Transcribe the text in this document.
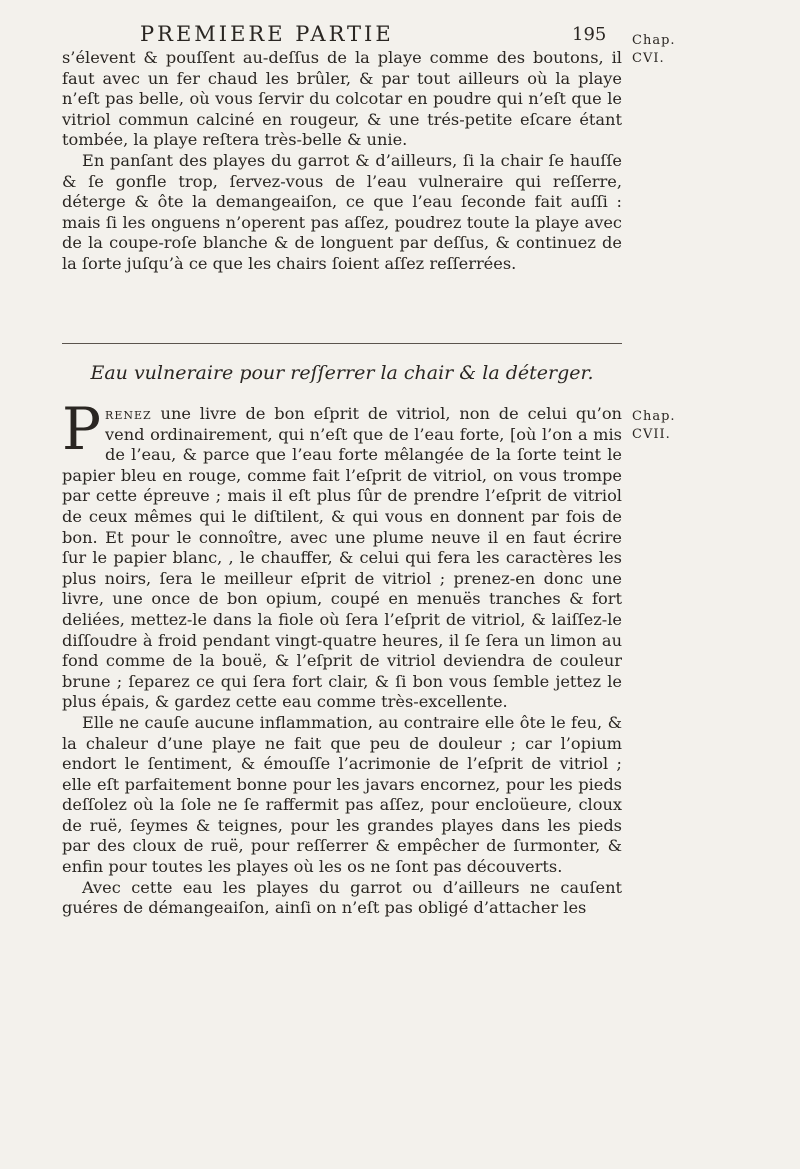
PREMIERE PARTIE	195 Chap.
CVI.
Chap.
CVII.

s’élevent & pouſſent au-deſſus de la playe comme des boutons, il faut avec un fer chaud les brûler, & par tout ailleurs où la playe n’eſt pas belle, où vous ſervir du colcotar en poudre qui n’eſt que le vitriol commun calciné en rougeur, & une trés-petite eſcare étant tombée, la playe reſtera très-belle & unie.

En panſant des playes du garrot & d’ailleurs, ſi la chair ſe hauſſe & ſe gonfle trop, ſervez-vous de l’eau vulneraire qui reſſerre, déterge & ôte la demangeaiſon, ce que l’eau ſeconde fait auſſi : mais ſi les onguens n’operent pas aſſez, poudrez toute la playe avec de la coupe-roſe blanche & de longuent par deſſus, & continuez de la ſorte juſqu’à ce que les chairs ſoient aſſez reſſerrées.

Eau vulneraire pour reſſerrer la chair & la déterger.

Prenez une livre de bon eſprit de vitriol, non de celui qu’on vend ordinairement, qui n’eſt que de l’eau forte, [où l’on a mis de l’eau, & parce que l’eau forte mêlangée de la ſorte teint le papier bleu en rouge, comme fait l’eſprit de vitriol, on vous trompe par cette épreuve ; mais il eſt plus ſûr de prendre l’eſprit de vitriol de ceux mêmes qui le diſtilent, & qui vous en donnent par fois de bon. Et pour le connoître, avec une plume neuve il en faut écrire ſur le papier blanc, , le chauffer, & celui qui fera les caractères les plus noirs, ſera le meilleur eſprit de vitriol ; prenez-en donc une livre, une once de bon opium, coupé en menuës tranches & fort deliées, mettez-le dans la fiole où ſera l’eſprit de vitriol, & laiſſez-le diſſoudre à froid pendant vingt-quatre heures, il ſe ſera un limon au fond comme de la bouë, & l’eſprit de vitriol deviendra de couleur brune ; ſeparez ce qui ſera fort clair, & ſi bon vous ſemble jettez le plus épais, & gardez cette eau comme très-excellente.

Elle ne cauſe aucune inflammation, au contraire elle ôte le feu, & la chaleur d’une playe ne fait que peu de douleur ; car l’opium endort le ſentiment, & émouſſe l’acrimonie de l’eſprit de vitriol ; elle eſt parfaitement bonne pour les javars encornez, pour les pieds deſſolez où la ſole ne ſe raffermit pas aſſez, pour encloüeure, cloux de ruë, ſeymes & teignes, pour les grandes playes dans les pieds par des cloux de ruë, pour reſſerrer & empêcher de ſurmonter, & enfin pour toutes les playes où les os ne ſont pas découverts.

Avec cette eau les playes du garrot ou d’ailleurs ne cauſent guéres de démangeaiſon, ainſi on n’eſt pas obligé d’attacher les
